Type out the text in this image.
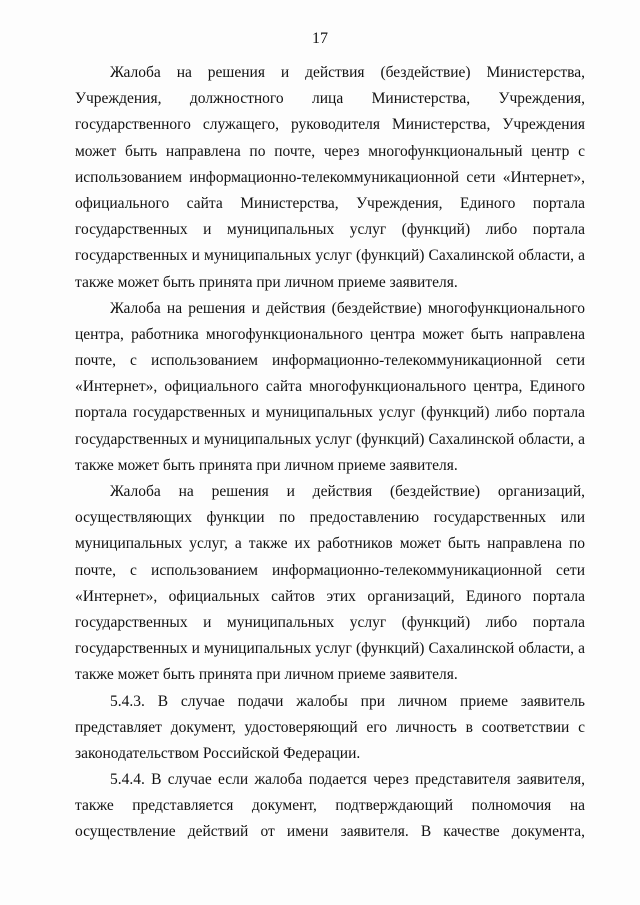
17
Жалоба на решения и действия (бездействие) Министерства,
Учреждения, должностного лица Министерства, Учреждения,
государственного служащего, руководителя Министерства, Учреждения
может быть направлена по почте, через многофункциональный центр с
использованием информационно-телекоммуникационной сети «Интернет»,
официального сайта Министерства, Учреждения, Единого портала
государственных и муниципальных услуг (функций) либо портала
государственных и муниципальных услуг (функций) Сахалинской области, а
также может быть принята при личном приеме заявителя.
Жалоба на решения и действия (бездействие) многофункционального
центра, работника многофункционального центра может быть направлена
почте, с использованием информационно-телекоммуникационной сети
«Интернет», официального сайта многофункционального центра, Единого
портала государственных и муниципальных услуг (функций) либо портала
государственных и муниципальных услуг (функций) Сахалинской области, а
также может быть принята при личном приеме заявителя.
Жалоба на решения и действия (бездействие) организаций,
осуществляющих функции по предоставлению государственных или
муниципальных услуг, а также их работников может быть направлена по
почте, с использованием информационно-телекоммуникационной сети
«Интернет», официальных сайтов этих организаций, Единого портала
государственных и муниципальных услуг (функций) либо портала
государственных и муниципальных услуг (функций) Сахалинской области, а
также может быть принята при личном приеме заявителя.
5.4.3. В случае подачи жалобы при личном приеме заявитель
представляет документ, удостоверяющий его личность в соответствии с
законодательством Российской Федерации.
5.4.4. В случае если жалоба подается через представителя заявителя,
также представляется документ, подтверждающий полномочия на
осуществление действий от имени заявителя. В качестве документа,
